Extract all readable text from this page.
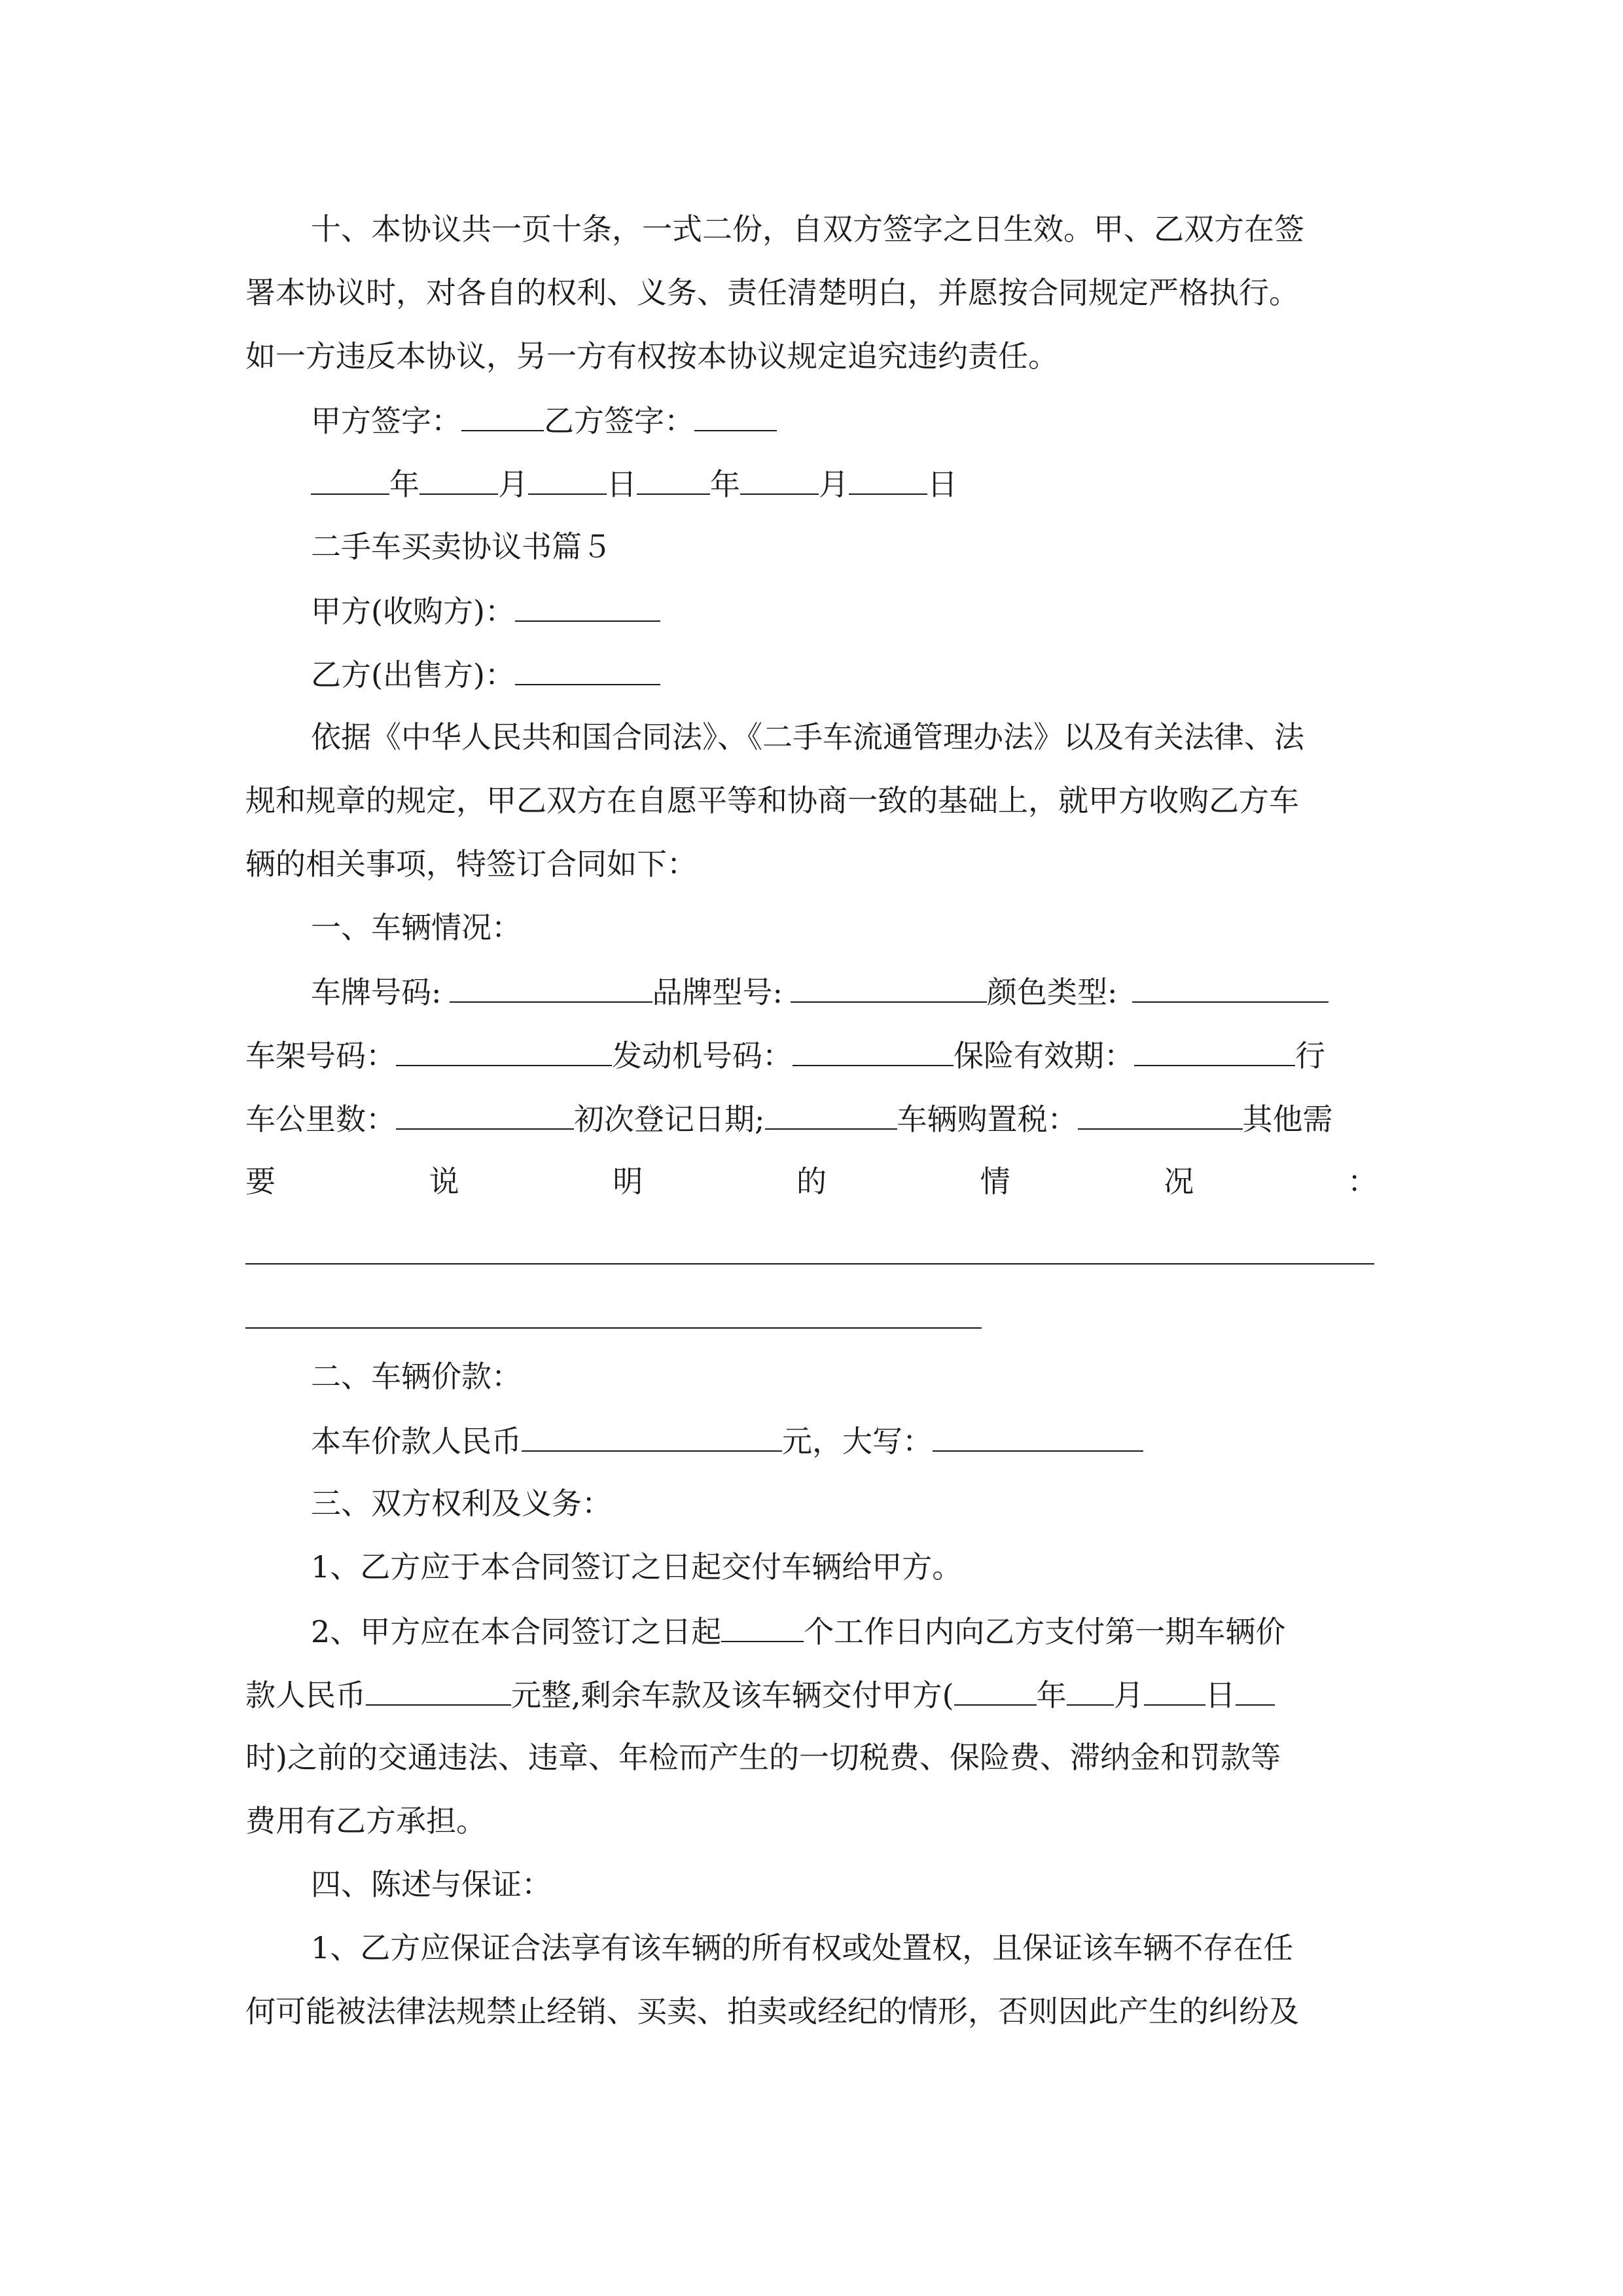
十、本协议共一页十条，一式二份，自双方签字之日生效。甲、乙双方在签
署本协议时，对各自的权利、义务、责任清楚明白，并愿按合同规定严格执行。
如一方违反本协议，另一方有权按本协议规定追究违约责任。
甲方签字：	乙方签字：
年	月	日 年	月	日
二手车买卖协议书篇５
甲方(收购方)：
乙方(出售方)：
依据《中华人民共和国合同法》、《二手车流通管理办法》以及有关法律、法
规和规章的规定，甲乙双方在自愿平等和协商一致的基础上，就甲方收购乙方车
辆的相关事项，特签订合同如下：
一、车辆情况：
车牌号码:	品牌型号:	颜色类型:
车架号码：	发动机号码：	保险有效期：	行
车公里数：	初次登记日期;	车辆购置税：	其他需
要	说	明	的	情	况	：
二、车辆价款：
本车价款人民币	元，大写：
三、双方权利及义务：
1、乙方应于本合同签订之日起交付车辆给甲方。
2、甲方应在本合同签订之日起	个工作日内向乙方支付第一期车辆价
款人民币	元整,剩余车款及该车辆交付甲方(	年 月 日
时)之前的交通违法、违章、年检而产生的一切税费、保险费、滞纳金和罚款等
费用有乙方承担。
四、陈述与保证：
1、乙方应保证合法享有该车辆的所有权或处置权，且保证该车辆不存在任
何可能被法律法规禁止经销、买卖、拍卖或经纪的情形，否则因此产生的纠纷及
